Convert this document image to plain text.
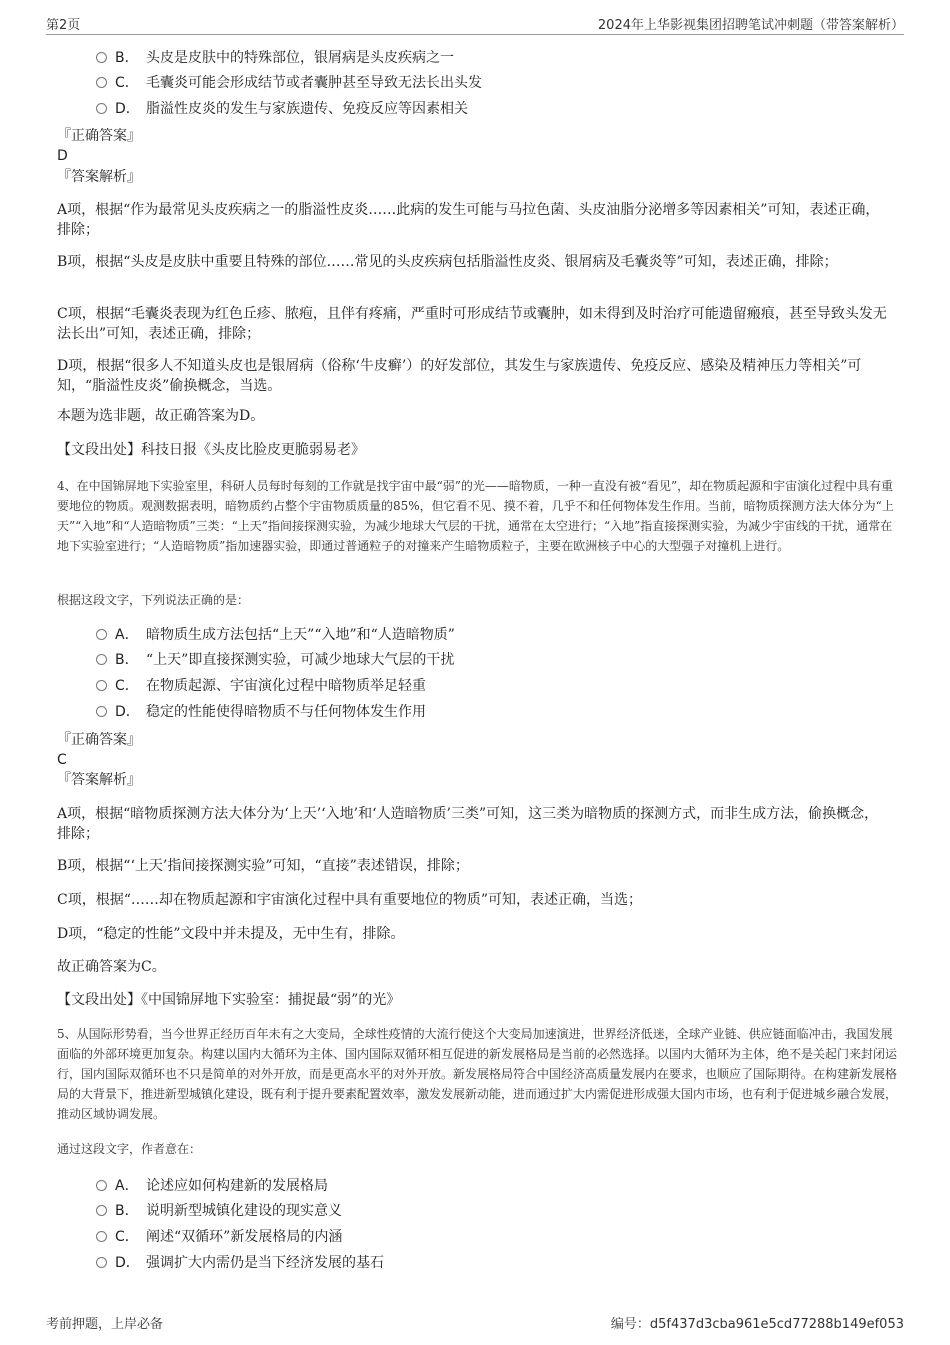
第2页	2024年上华影视集团招聘笔试冲刺题（带答案解析）
B． 头皮是皮肤中的特殊部位，银屑病是头皮疾病之一
C． 毛囊炎可能会形成结节或者囊肿甚至导致无法长出头发
D． 脂溢性皮炎的发生与家族遗传、免疫反应等因素相关
『正确答案』
D
『答案解析』
A项，根据“作为最常见头皮疾病之一的脂溢性皮炎……此病的发生可能与马拉色菌、头皮油脂分泌增多等因素相关”可知，表述正确，排除；
B项，根据“头皮是皮肤中重要且特殊的部位……常见的头皮疾病包括脂溢性皮炎、银屑病及毛囊炎等”可知，表述正确，排除；
C项，根据“毛囊炎表现为红色丘疹、脓疱，且伴有疼痛，严重时可形成结节或囊肿，如未得到及时治疗可能遗留瘢痕，甚至导致头发无法长出”可知，表述正确，排除；
D项，根据“很多人不知道头皮也是银屑病（俗称‘牛皮癣’）的好发部位，其发生与家族遗传、免疫反应、感染及精神压力等相关”可知，“脂溢性皮炎”偷换概念，当选。
本题为选非题，故正确答案为D。
【文段出处】科技日报《头皮比脸皮更脆弱易老》
4、在中国锦屏地下实验室里，科研人员每时每刻的工作就是找宇宙中最“弱”的光——暗物质，一种一直没有被“看见”，却在物质起源和宇宙演化过程中具有重要地位的物质。观测数据表明，暗物质约占整个宇宙物质质量的85%，但它看不见、摸不着，几乎不和任何物体发生作用。当前，暗物质探测方法大体分为“上天”“入地”和“人造暗物质”三类：“上天”指间接探测实验，为减少地球大气层的干扰，通常在太空进行；“入地”指直接探测实验，为减少宇宙线的干扰，通常在地下实验室进行；“人造暗物质”指加速器实验，即通过普通粒子的对撞来产生暗物质粒子，主要在欧洲核子中心的大型强子对撞机上进行。
根据这段文字，下列说法正确的是：
A． 暗物质生成方法包括“上天”“入地”和“人造暗物质”
B． “上天”即直接探测实验，可减少地球大气层的干扰
C． 在物质起源、宇宙演化过程中暗物质举足轻重
D． 稳定的性能使得暗物质不与任何物体发生作用
『正确答案』
C
『答案解析』
A项，根据“暗物质探测方法大体分为‘上天’‘入地’和‘人造暗物质’三类”可知，这三类为暗物质的探测方式，而非生成方法，偷换概念，排除；
B项，根据“‘上天’指间接探测实验”可知，“直接”表述错误，排除；
C项，根据“……却在物质起源和宇宙演化过程中具有重要地位的物质”可知，表述正确，当选；
D项，“稳定的性能”文段中并未提及，无中生有，排除。
故正确答案为C。
【文段出处】《中国锦屏地下实验室：捕捉最“弱”的光》
5、从国际形势看，当今世界正经历百年未有之大变局，全球性疫情的大流行使这个大变局加速演进，世界经济低迷，全球产业链、供应链面临冲击，我国发展面临的外部环境更加复杂。构建以国内大循环为主体、国内国际双循环相互促进的新发展格局是当前的必然选择。以国内大循环为主体，绝不是关起门来封闭运行，国内国际双循环也不只是简单的对外开放，而是更高水平的对外开放。新发展格局符合中国经济高质量发展内在要求，也顺应了国际期待。在构建新发展格局的大背景下，推进新型城镇化建设，既有利于提升要素配置效率，激发发展新动能，进而通过扩大内需促进形成强大国内市场，也有利于促进城乡融合发展，推动区域协调发展。
通过这段文字，作者意在：
A． 论述应如何构建新的发展格局
B． 说明新型城镇化建设的现实意义
C． 阐述“双循环”新发展格局的内涵
D． 强调扩大内需仍是当下经济发展的基石
考前押题，上岸必备	编号：d5f437d3cba961e5cd77288b149ef053
